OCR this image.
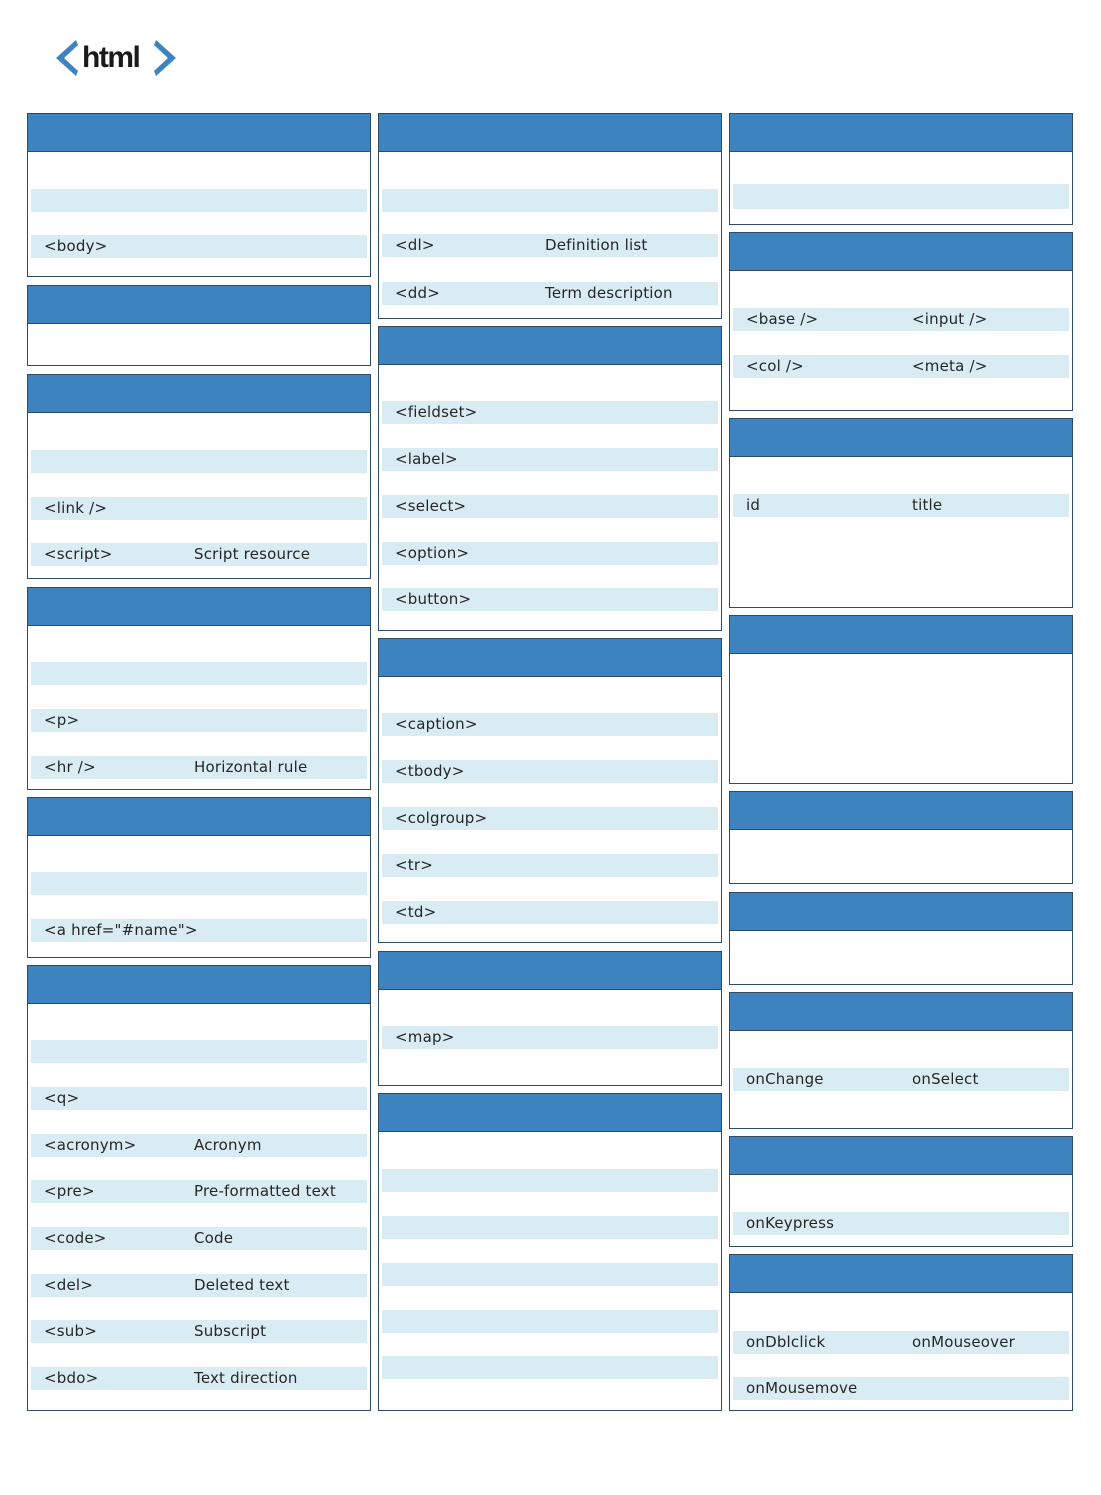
html
<body>
<link />
<script>	Script resource
<p>
<hr />	Horizontal rule
<a href="#name">
<q>
<acronym>	Acronym
<pre>	Pre-formatted text
<code>	Code
<del>	Deleted text
<sub>	Subscript
<bdo>	Text direction
<dl>	Definition list
<dd>	Term description
<fieldset>
<label>
<select>
<option>
<button>
<caption>
<tbody>
<colgroup>
<tr>
<td>
<map>
<base />	<input />
<col />	<meta />
id	title
onChange	onSelect
onKeypress
onDblclick	onMouseover
onMousemove
